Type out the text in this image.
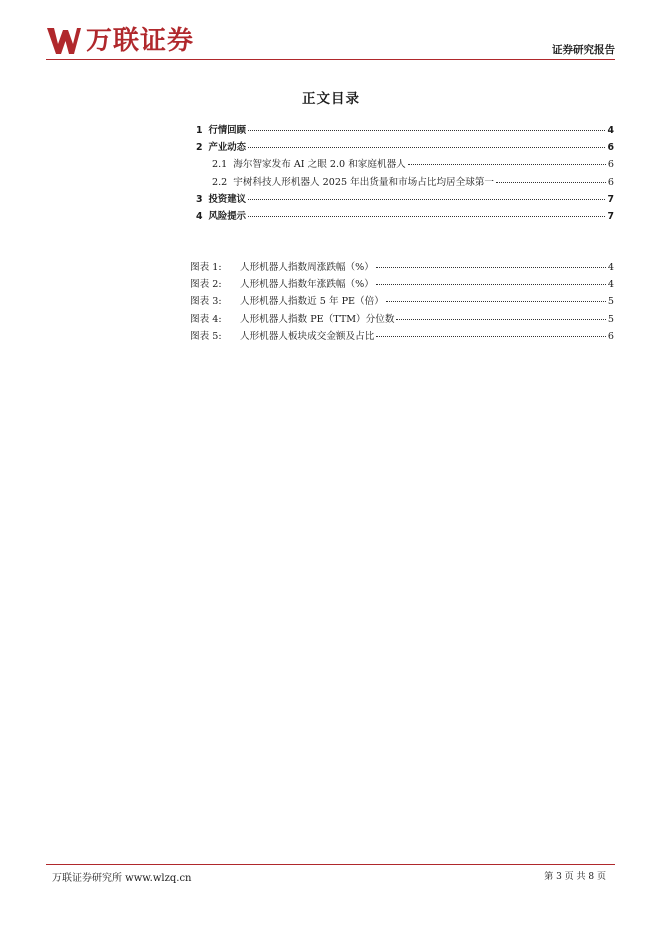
万联证券	证券研究报告
正文目录
1 行情回顾	4
2 产业动态	6
2.1 海尔智家发布 AI 之眼 2.0 和家庭机器人	6
2.2 宇树科技人形机器人 2025 年出货量和市场占比均居全球第一	6
3 投资建议	7
4 风险提示	7
图表 1:	人形机器人指数周涨跌幅（%）	4
图表 2:	人形机器人指数年涨跌幅（%）	4
图表 3:	人形机器人指数近 5 年 PE（倍）	5
图表 4:	人形机器人指数 PE（TTM）分位数	5
图表 5:	人形机器人板块成交金额及占比	6
万联证券研究所 www.wlzq.cn	第 3 页 共 8 页
